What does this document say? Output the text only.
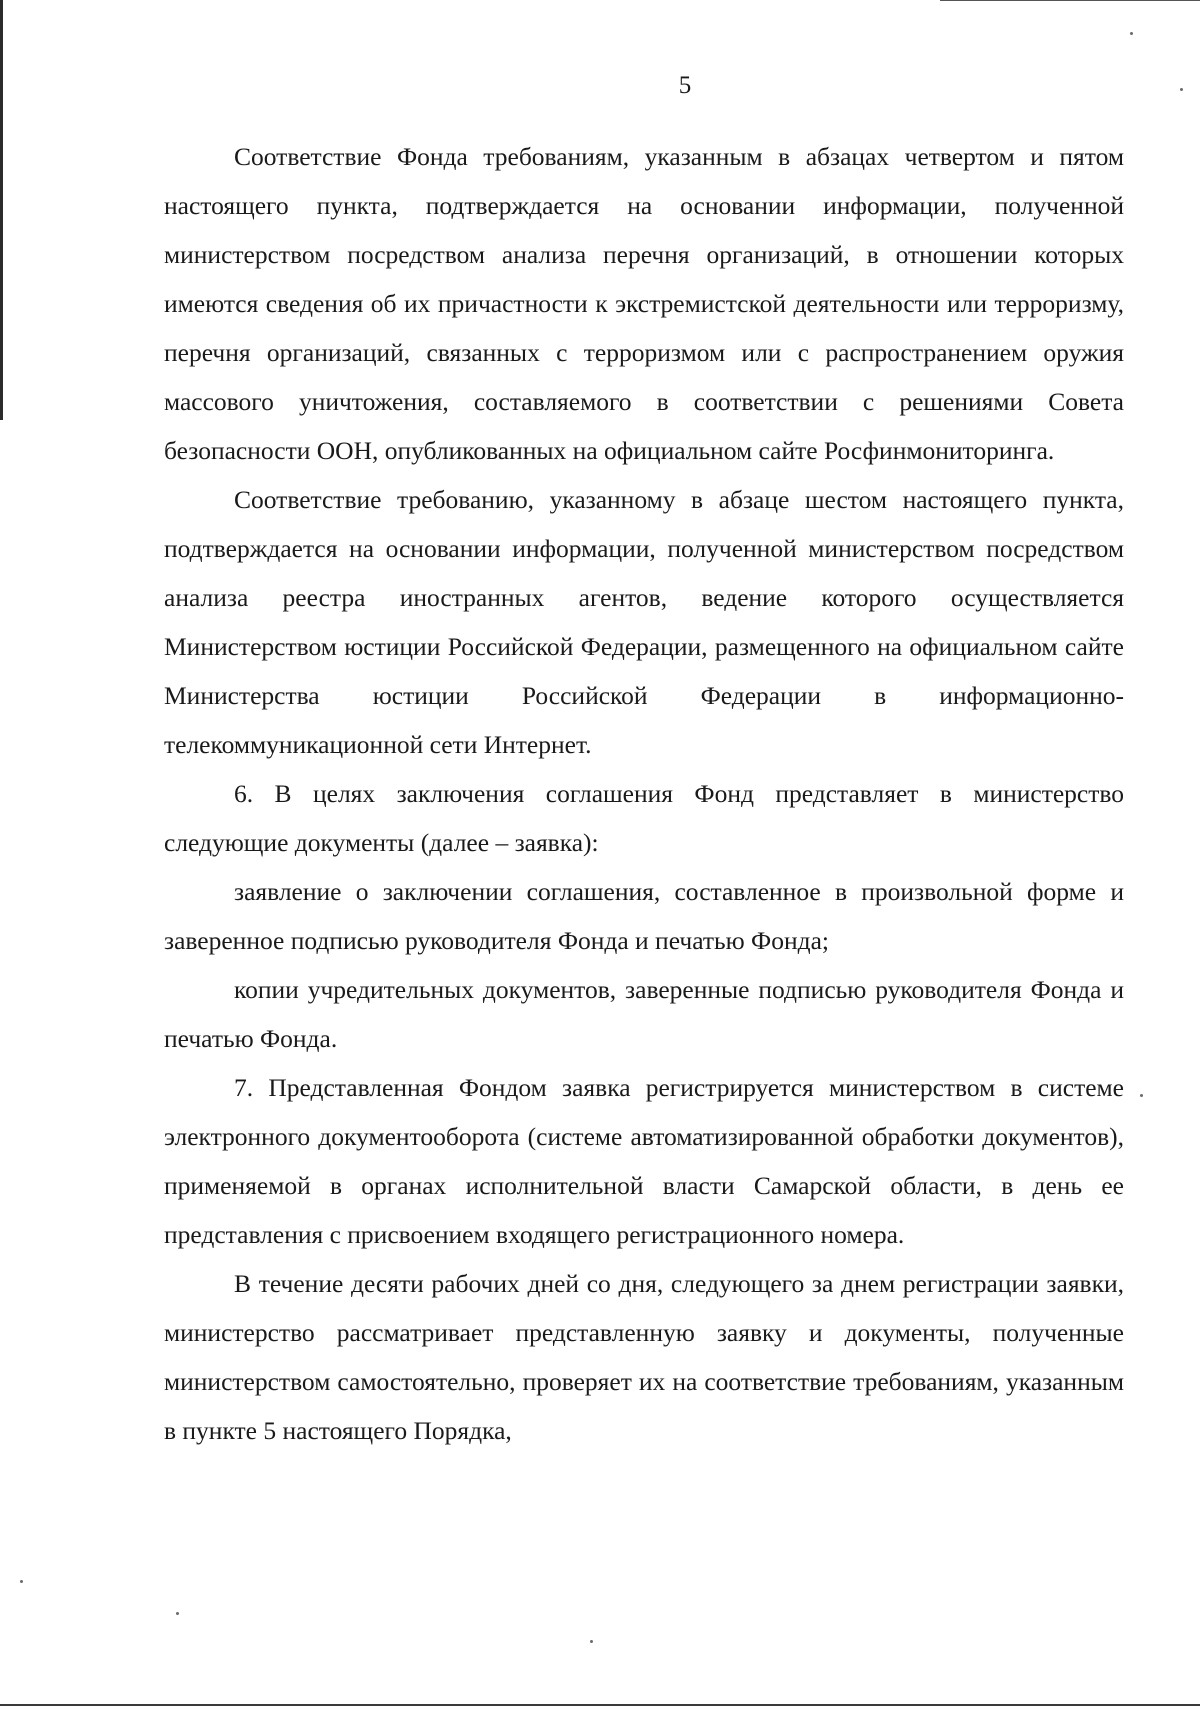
5

Соответствие Фонда требованиям, указанным в абзацах четвертом и пятом настоящего пункта, подтверждается на основании информации, полученной министерством посредством анализа перечня организаций, в отношении которых имеются сведения об их причастности к экстремистской деятельности или терроризму, перечня организаций, связанных с терроризмом или с распространением оружия массового уничтожения, составляемого в соответствии с решениями Совета безопасности ООН, опубликованных на официальном сайте Росфинмониторинга.

Соответствие требованию, указанному в абзаце шестом настоящего пункта, подтверждается на основании информации, полученной министерством посредством анализа реестра иностранных агентов, ведение которого осуществляется Министерством юстиции Российской Федерации, размещенного на официальном сайте Министерства юстиции Российской Федерации в информационно-телекоммуникационной сети Интернет.

6. В целях заключения соглашения Фонд представляет в министерство следующие документы (далее – заявка):

заявление о заключении соглашения, составленное в произвольной форме и заверенное подписью руководителя Фонда и печатью Фонда;

копии учредительных документов, заверенные подписью руководителя Фонда и печатью Фонда.

7. Представленная Фондом заявка регистрируется министерством в системе электронного документооборота (системе автоматизированной обработки документов), применяемой в органах исполнительной власти Самарской области, в день ее представления с присвоением входящего регистрационного номера.

В течение десяти рабочих дней со дня, следующего за днем регистрации заявки, министерство рассматривает представленную заявку и документы, полученные министерством самостоятельно, проверяет их на соответствие требованиям, указанным в пункте 5 настоящего Порядка,
